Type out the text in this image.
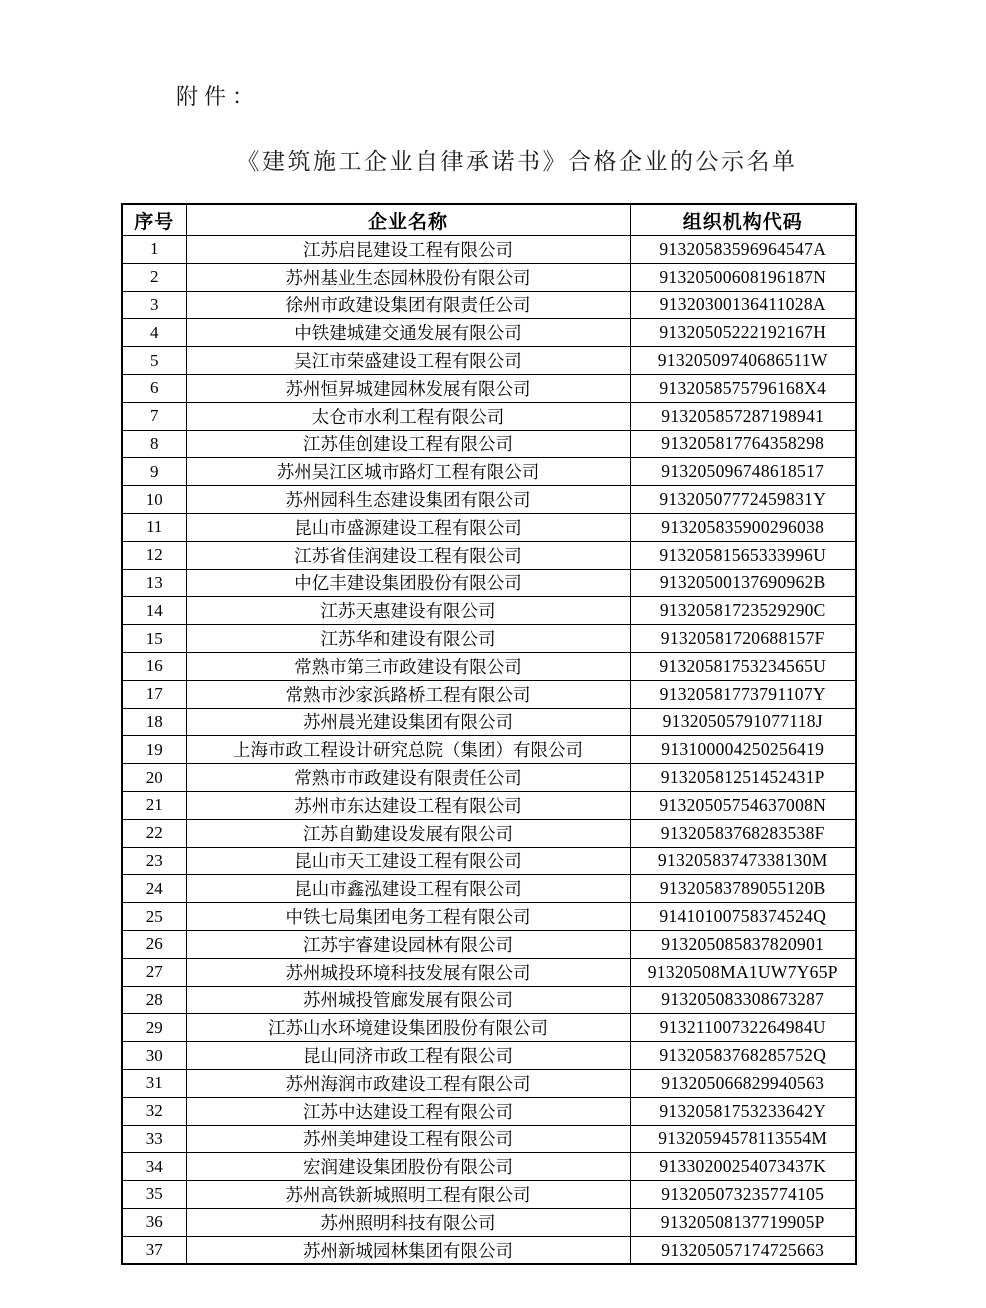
附件：
《建筑施工企业自律承诺书》合格企业的公示名单
序号	企业名称	组织机构代码
1	江苏启昆建设工程有限公司	91320583596964547A
2	苏州基业生态园林股份有限公司	91320500608196187N
3	徐州市政建设集团有限责任公司	91320300136411028A
4	中铁建城建交通发展有限公司	91320505222192167H
5	吴江市荣盛建设工程有限公司	91320509740686511W
6	苏州恒昇城建园林发展有限公司	9132058575796168X4
7	太仓市水利工程有限公司	913205857287198941
8	江苏佳创建设工程有限公司	913205817764358298
9	苏州吴江区城市路灯工程有限公司	913205096748618517
10	苏州园科生态建设集团有限公司	91320507772459831Y
11	昆山市盛源建设工程有限公司	913205835900296038
12	江苏省佳润建设工程有限公司	91320581565333996U
13	中亿丰建设集团股份有限公司	91320500137690962B
14	江苏天惠建设有限公司	91320581723529290C
15	江苏华和建设有限公司	91320581720688157F
16	常熟市第三市政建设有限公司	91320581753234565U
17	常熟市沙家浜路桥工程有限公司	91320581773791107Y
18	苏州晨光建设集团有限公司	91320505791077118J
19	上海市政工程设计研究总院（集团）有限公司	913100004250256419
20	常熟市市政建设有限责任公司	91320581251452431P
21	苏州市东达建设工程有限公司	91320505754637008N
22	江苏自勤建设发展有限公司	91320583768283538F
23	昆山市天工建设工程有限公司	91320583747338130M
24	昆山市鑫泓建设工程有限公司	91320583789055120B
25	中铁七局集团电务工程有限公司	91410100758374524Q
26	江苏宇睿建设园林有限公司	913205085837820901
27	苏州城投环境科技发展有限公司	91320508MA1UW7Y65P
28	苏州城投管廊发展有限公司	913205083308673287
29	江苏山水环境建设集团股份有限公司	91321100732264984U
30	昆山同济市政工程有限公司	91320583768285752Q
31	苏州海润市政建设工程有限公司	913205066829940563
32	江苏中达建设工程有限公司	91320581753233642Y
33	苏州美坤建设工程有限公司	91320594578113554M
34	宏润建设集团股份有限公司	91330200254073437K
35	苏州高铁新城照明工程有限公司	913205073235774105
36	苏州照明科技有限公司	91320508137719905P
37	苏州新城园林集团有限公司	913205057174725663
